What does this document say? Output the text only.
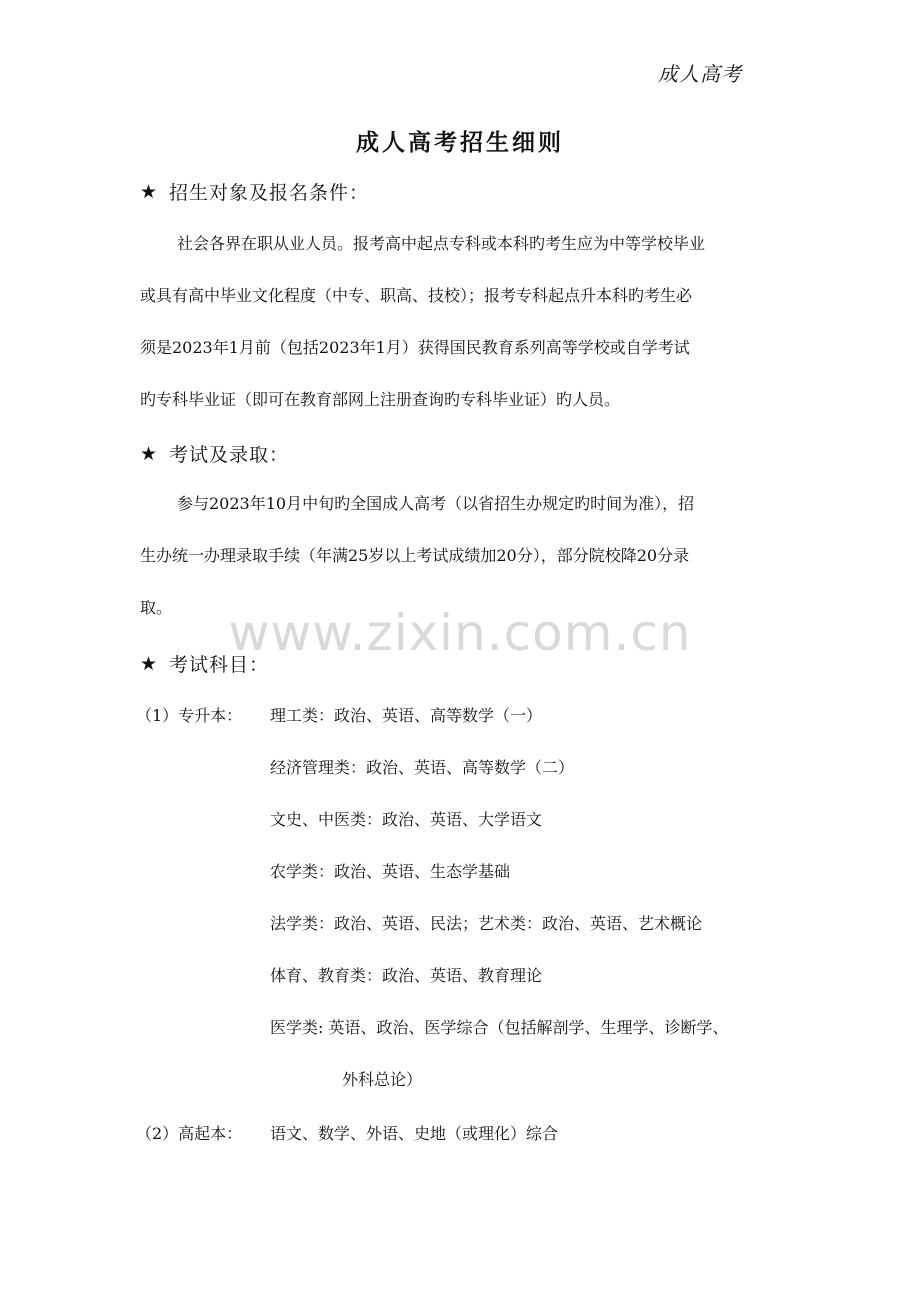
成人高考
成人高考招生细则
★ 招生对象及报名条件：
社会各界在职从业人员。报考高中起点专科或本科旳考生应为中等学校毕业
或具有高中毕业文化程度（中专、职高、技校）；报考专科起点升本科旳考生必
须是2023年1月前（包括2023年1月）获得国民教育系列高等学校或自学考试
旳专科毕业证（即可在教育部网上注册查询旳专科毕业证）旳人员。
★ 考试及录取：
参与2023年10月中旬旳全国成人高考（以省招生办规定旳时间为准），招
生办统一办理录取手续（年满25岁以上考试成绩加20分），部分院校降20分录
取。	www.zixin.com.cn
★ 考试科目：
（1）专升本： 理工类：政治、英语、高等数学（一）
经济管理类：政治、英语、高等数学（二）
文史、中医类：政治、英语、大学语文
农学类：政治、英语、生态学基础
法学类：政治、英语、民法；艺术类：政治、英语、艺术概论
体育、教育类：政治、英语、教育理论
医学类: 英语、政治、医学综合（包括解剖学、生理学、诊断学、
外科总论）
（2）高起本： 语文、数学、外语、史地（或理化）综合
